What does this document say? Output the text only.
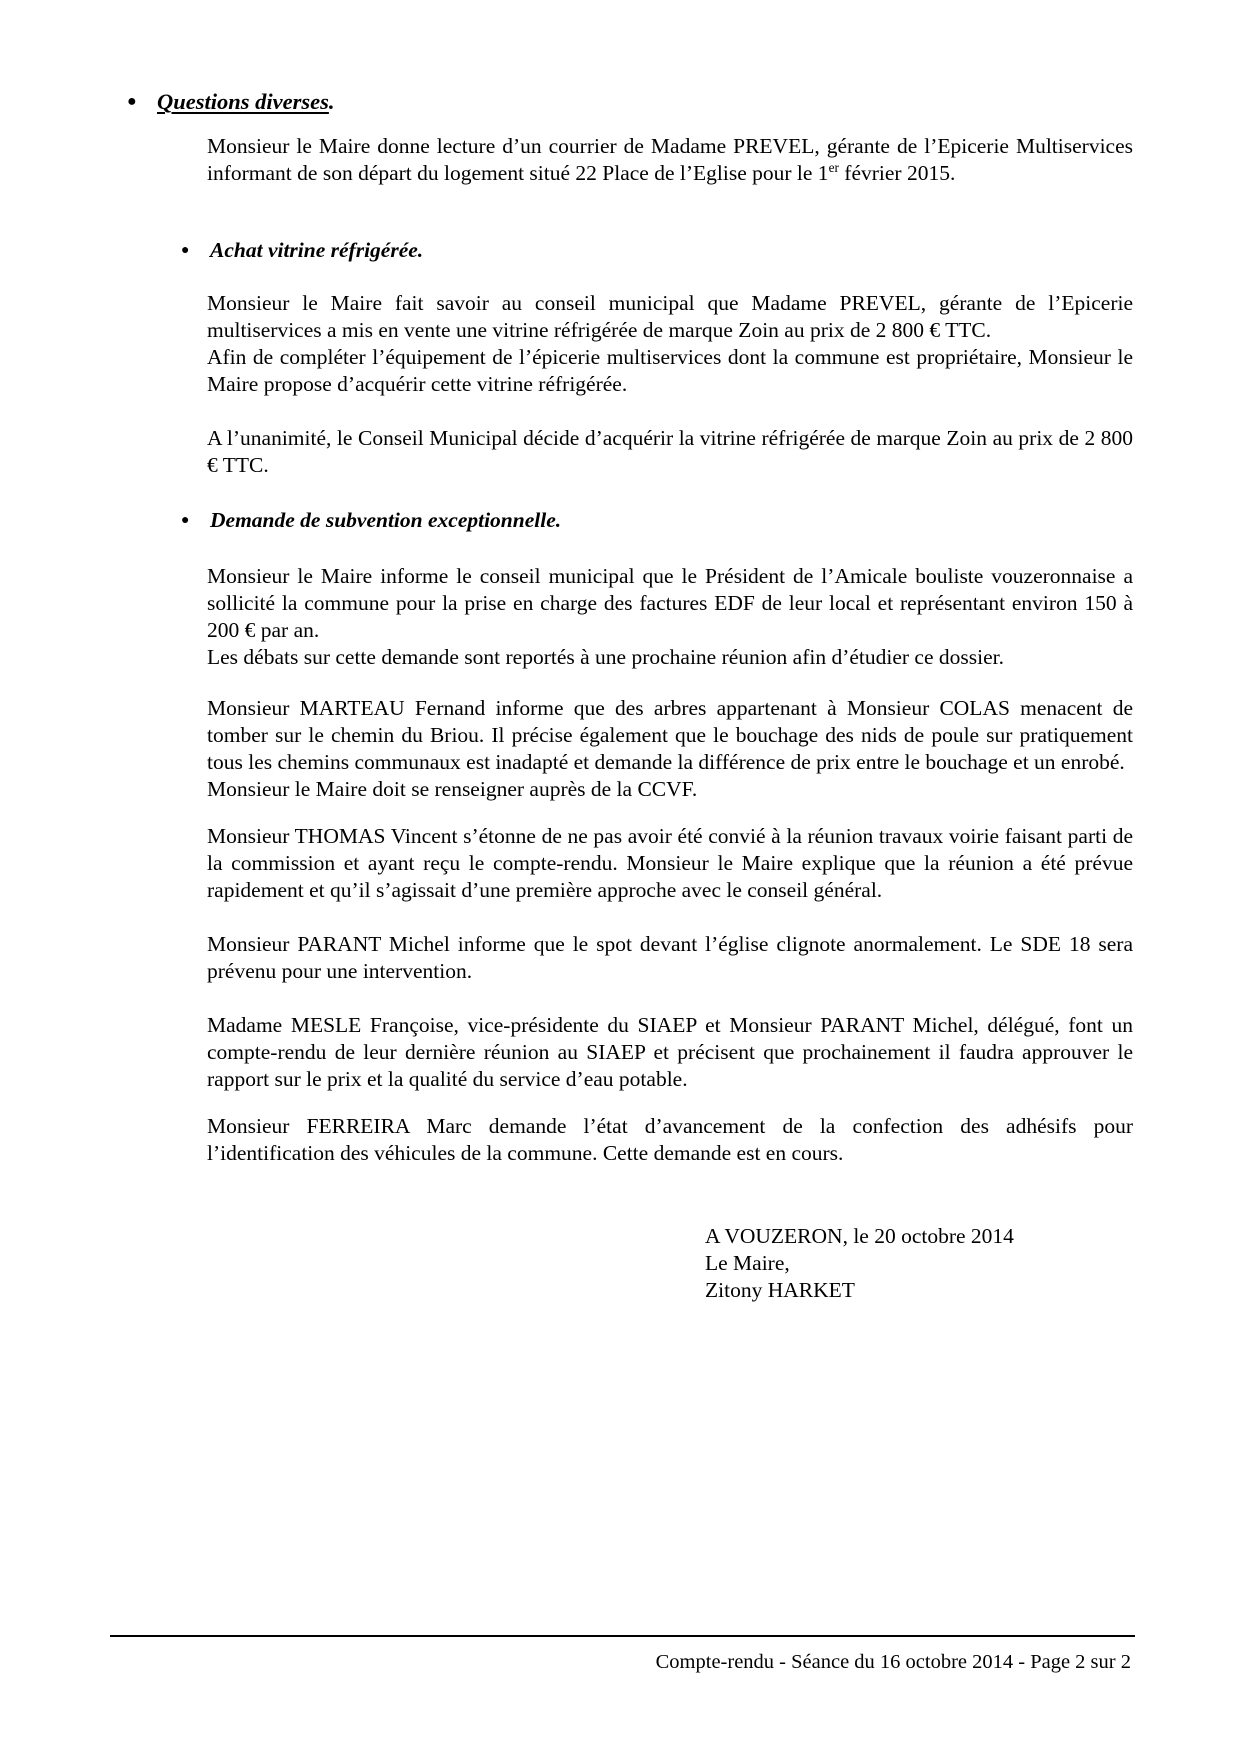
● Questions diverses.

Monsieur le Maire donne lecture d’un courrier de Madame PREVEL, gérante de l’Epicerie Multiservices informant de son départ du logement situé 22 Place de l’Eglise pour le 1er février 2015.

● Achat vitrine réfrigérée.

Monsieur le Maire fait savoir au conseil municipal que Madame PREVEL, gérante de l’Epicerie multiservices a mis en vente une vitrine réfrigérée de marque Zoin au prix de 2 800 € TTC.

Afin de compléter l’équipement de l’épicerie multiservices dont la commune est propriétaire, Monsieur le Maire propose d’acquérir cette vitrine réfrigérée.

A l’unanimité, le Conseil Municipal décide d’acquérir la vitrine réfrigérée de marque Zoin au prix de 2 800 € TTC.

● Demande de subvention exceptionnelle.

Monsieur le Maire informe le conseil municipal que le Président de l’Amicale bouliste vouzeronnaise a sollicité la commune pour la prise en charge des factures EDF de leur local et représentant environ 150 à 200 € par an.

Les débats sur cette demande sont reportés à une prochaine réunion afin d’étudier ce dossier.

Monsieur MARTEAU Fernand informe que des arbres appartenant à Monsieur COLAS menacent de tomber sur le chemin du Briou. Il précise également que le bouchage des nids de poule sur pratiquement tous les chemins communaux est inadapté et demande la différence de prix entre le bouchage et un enrobé.

Monsieur le Maire doit se renseigner auprès de la CCVF.

Monsieur THOMAS Vincent s’étonne de ne pas avoir été convié à la réunion travaux voirie faisant parti de la commission et ayant reçu le compte-rendu. Monsieur le Maire explique que la réunion a été prévue rapidement et qu’il s’agissait d’une première approche avec le conseil général.

Monsieur PARANT Michel informe que le spot devant l’église clignote anormalement. Le SDE 18 sera prévenu pour une intervention.

Madame MESLE Françoise, vice-présidente du SIAEP et Monsieur PARANT Michel, délégué, font un compte-rendu de leur dernière réunion au SIAEP et précisent que prochainement il faudra approuver le rapport sur le prix et la qualité du service d’eau potable.

Monsieur FERREIRA Marc demande l’état d’avancement de la confection des adhésifs pour l’identification des véhicules de la commune. Cette demande est en cours.

A VOUZERON, le 20 octobre 2014
Le Maire,
Zitony HARKET
Compte-rendu - Séance du 16 octobre 2014 - Page 2 sur 2
